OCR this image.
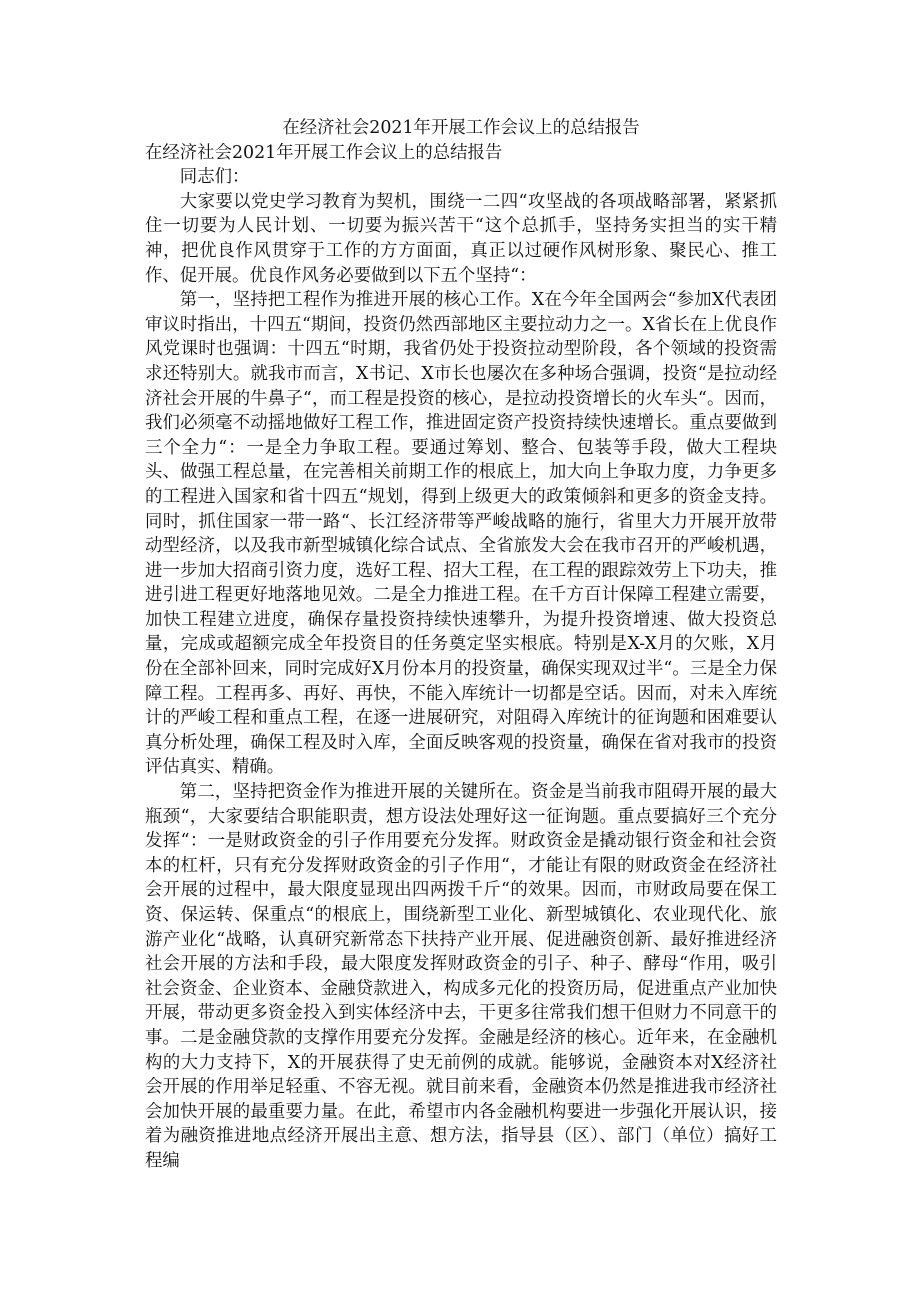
在经济社会2021年开展工作会议上的总结报告

在经济社会2021年开展工作会议上的总结报告

同志们：

大家要以党史学习教育为契机，围绕一二四“攻坚战的各项战略部署，紧紧抓住一切要为人民计划、一切要为振兴苦干“这个总抓手，坚持务实担当的实干精神，把优良作风贯穿于工作的方方面面，真正以过硬作风树形象、聚民心、推工作、促开展。优良作风务必要做到以下五个坚持“：

第一，坚持把工程作为推进开展的核心工作。X在今年全国两会“参加X代表团审议时指出，十四五“期间，投资仍然西部地区主要拉动力之一。X省长在上优良作风党课时也强调：十四五“时期，我省仍处于投资拉动型阶段，各个领域的投资需求还特别大。就我市而言，X书记、X市长也屡次在多种场合强调，投资“是拉动经济社会开展的牛鼻子“，而工程是投资的核心，是拉动投资增长的火车头“。因而，我们必须毫不动摇地做好工程工作，推进固定资产投资持续快速增长。重点要做到三个全力“：一是全力争取工程。要通过筹划、整合、包装等手段，做大工程块头、做强工程总量，在完善相关前期工作的根底上，加大向上争取力度，力争更多的工程进入国家和省十四五“规划，得到上级更大的政策倾斜和更多的资金支持。同时，抓住国家一带一路“、长江经济带等严峻战略的施行，省里大力开展开放带动型经济，以及我市新型城镇化综合试点、全省旅发大会在我市召开的严峻机遇，进一步加大招商引资力度，选好工程、招大工程，在工程的跟踪效劳上下功夫，推进引进工程更好地落地见效。二是全力推进工程。在千方百计保障工程建立需要，加快工程建立进度，确保存量投资持续快速攀升，为提升投资增速、做大投资总量，完成或超额完成全年投资目的任务奠定坚实根底。特别是X-X月的欠账，X月份在全部补回来，同时完成好X月份本月的投资量，确保实现双过半“。三是全力保障工程。工程再多、再好、再快，不能入库统计一切都是空话。因而，对未入库统计的严峻工程和重点工程，在逐一进展研究，对阻碍入库统计的征询题和困难要认真分析处理，确保工程及时入库，全面反映客观的投资量，确保在省对我市的投资评估真实、精确。

第二，坚持把资金作为推进开展的关键所在。资金是当前我市阻碍开展的最大瓶颈“，大家要结合职能职责，想方设法处理好这一征询题。重点要搞好三个充分发挥“：一是财政资金的引子作用要充分发挥。财政资金是撬动银行资金和社会资本的杠杆，只有充分发挥财政资金的引子作用“，才能让有限的财政资金在经济社会开展的过程中，最大限度显现出四两拨千斤“的效果。因而，市财政局要在保工资、保运转、保重点“的根底上，围绕新型工业化、新型城镇化、农业现代化、旅游产业化“战略，认真研究新常态下扶持产业开展、促进融资创新、最好推进经济社会开展的方法和手段，最大限度发挥财政资金的引子、种子、酵母“作用，吸引社会资金、企业资本、金融贷款进入，构成多元化的投资历局，促进重点产业加快开展，带动更多资金投入到实体经济中去，干更多往常我们想干但财力不同意干的事。二是金融贷款的支撑作用要充分发挥。金融是经济的核心。近年来，在金融机构的大力支持下，X的开展获得了史无前例的成就。能够说，金融资本对X经济社会开展的作用举足轻重、不容无视。就目前来看，金融资本仍然是推进我市经济社会加快开展的最重要力量。在此，希望市内各金融机构要进一步强化开展认识，接着为融资推进地点经济开展出主意、想方法，指导县（区）、部门（单位）搞好工程编
